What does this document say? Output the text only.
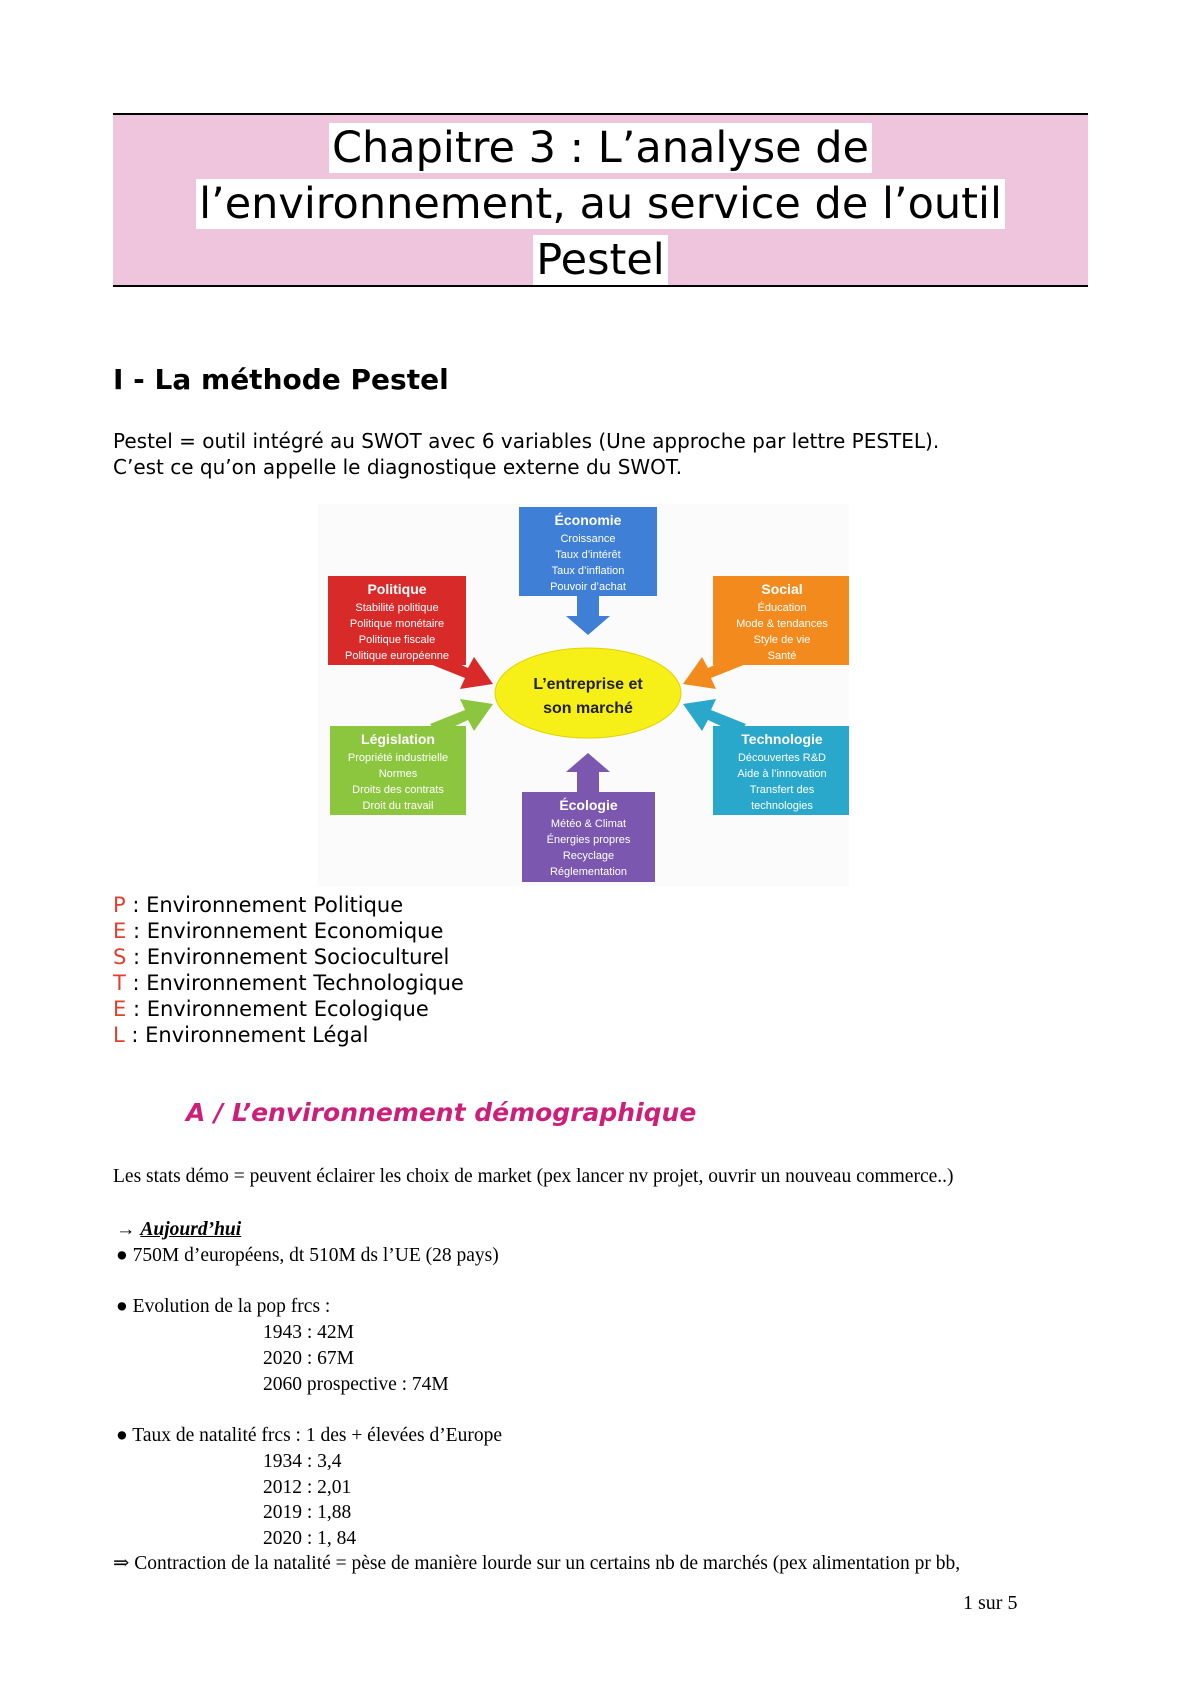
Chapitre 3 : L’analyse de
l’environnement, au service de l’outil
Pestel
I - La méthode Pestel
Pestel = outil intégré au SWOT avec 6 variables (Une approche par lettre PESTEL).
C’est ce qu’on appelle le diagnostique externe du SWOT.
L’entreprise et
son marché
Économie
Croissance
Taux d’intérêt
Taux d’inflation
Pouvoir d’achat
Politique
Stabilité politique
Politique monétaire
Politique fiscale
Politique européenne
Social
Éducation
Mode & tendances
Style de vie
Santé
Législation
Propriété industrielle
Normes
Droits des contrats
Droit du travail
Technologie
Découvertes R&D
Aide à l’innovation
Transfert des
technologies
Écologie
Météo & Climat
Énergies propres
Recyclage
Réglementation
P : Environnement Politique
E : Environnement Economique
S : Environnement Socioculturel
T : Environnement Technologique
E : Environnement Ecologique
L : Environnement Légal
A / L’environnement démographique
Les stats démo = peuvent éclairer les choix de market (pex lancer nv projet, ouvrir un nouveau commerce..)
→ Aujourd’hui
● 750M d’européens, dt 510M ds l’UE (28 pays)
● Evolution de la pop frcs :
1943 : 42M
2020 : 67M
2060 prospective : 74M
● Taux de natalité frcs : 1 des + élevées d’Europe
1934 : 3,4
2012 : 2,01
2019 : 1,88
2020 : 1, 84
⇒ Contraction de la natalité = pèse de manière lourde sur un certains nb de marchés (pex alimentation pr bb,
1 sur 5
